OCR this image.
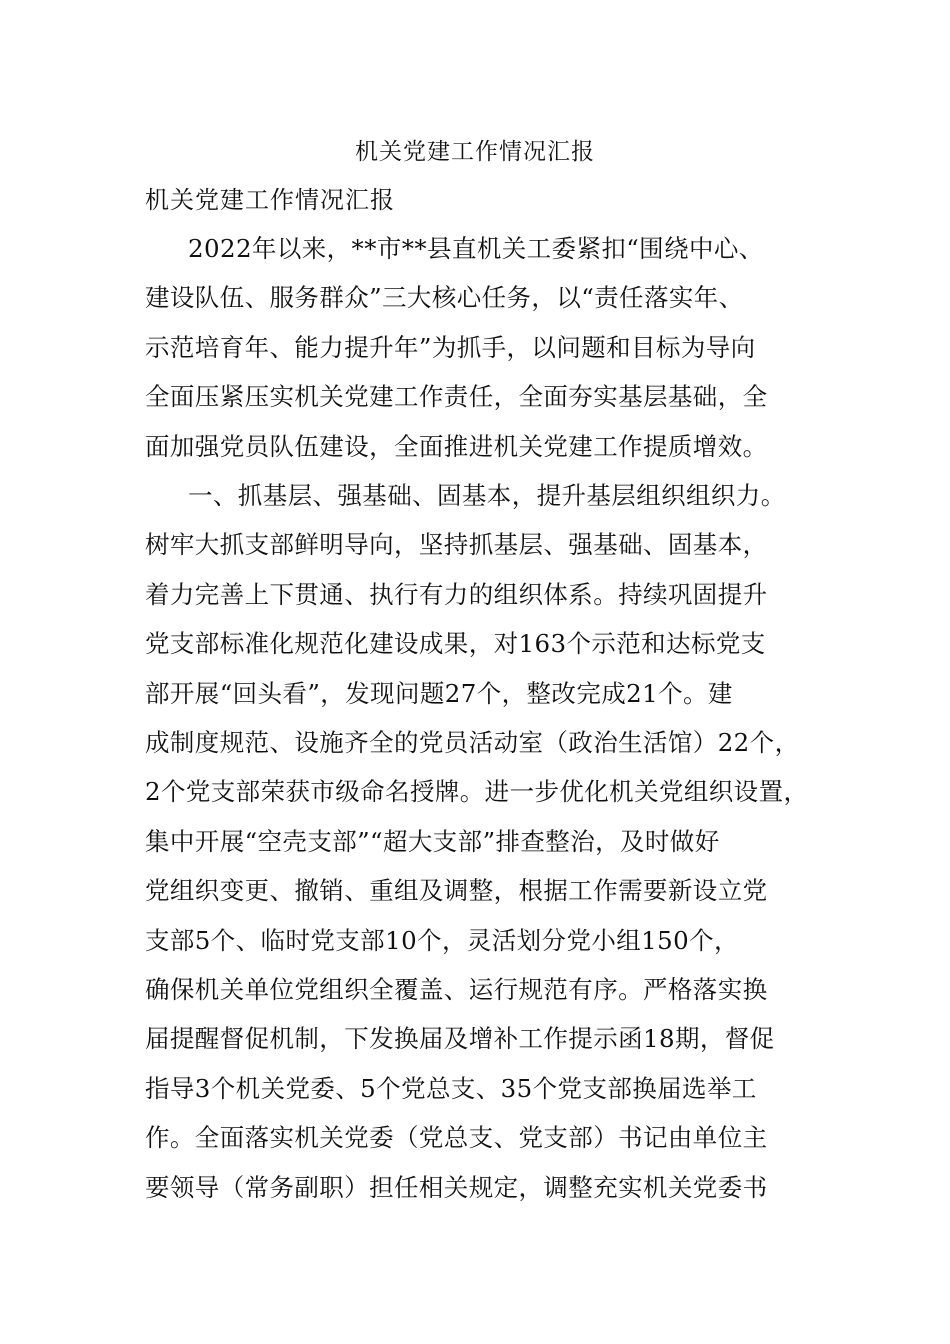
机关党建工作情况汇报
机关党建工作情况汇报
2022年以来，**市**县直机关工委紧扣“围绕中心、
建设队伍、服务群众”三大核心任务，以“责任落实年、
示范培育年、能力提升年”为抓手，以问题和目标为导向
全面压紧压实机关党建工作责任，全面夯实基层基础，全
面加强党员队伍建设，全面推进机关党建工作提质增效。
一、抓基层、强基础、固基本，提升基层组织组织力。
树牢大抓支部鲜明导向，坚持抓基层、强基础、固基本，
着力完善上下贯通、执行有力的组织体系。持续巩固提升
党支部标准化规范化建设成果，对163个示范和达标党支
部开展“回头看”，发现问题27个，整改完成21个。建
成制度规范、设施齐全的党员活动室（政治生活馆）22个，
2个党支部荣获市级命名授牌。进一步优化机关党组织设置，
集中开展“空壳支部”“超大支部”排查整治，及时做好
党组织变更、撤销、重组及调整，根据工作需要新设立党
支部5个、临时党支部10个，灵活划分党小组150个，
确保机关单位党组织全覆盖、运行规范有序。严格落实换
届提醒督促机制，下发换届及增补工作提示函18期，督促
指导3个机关党委、5个党总支、35个党支部换届选举工
作。全面落实机关党委（党总支、党支部）书记由单位主
要领导（常务副职）担任相关规定，调整充实机关党委书
